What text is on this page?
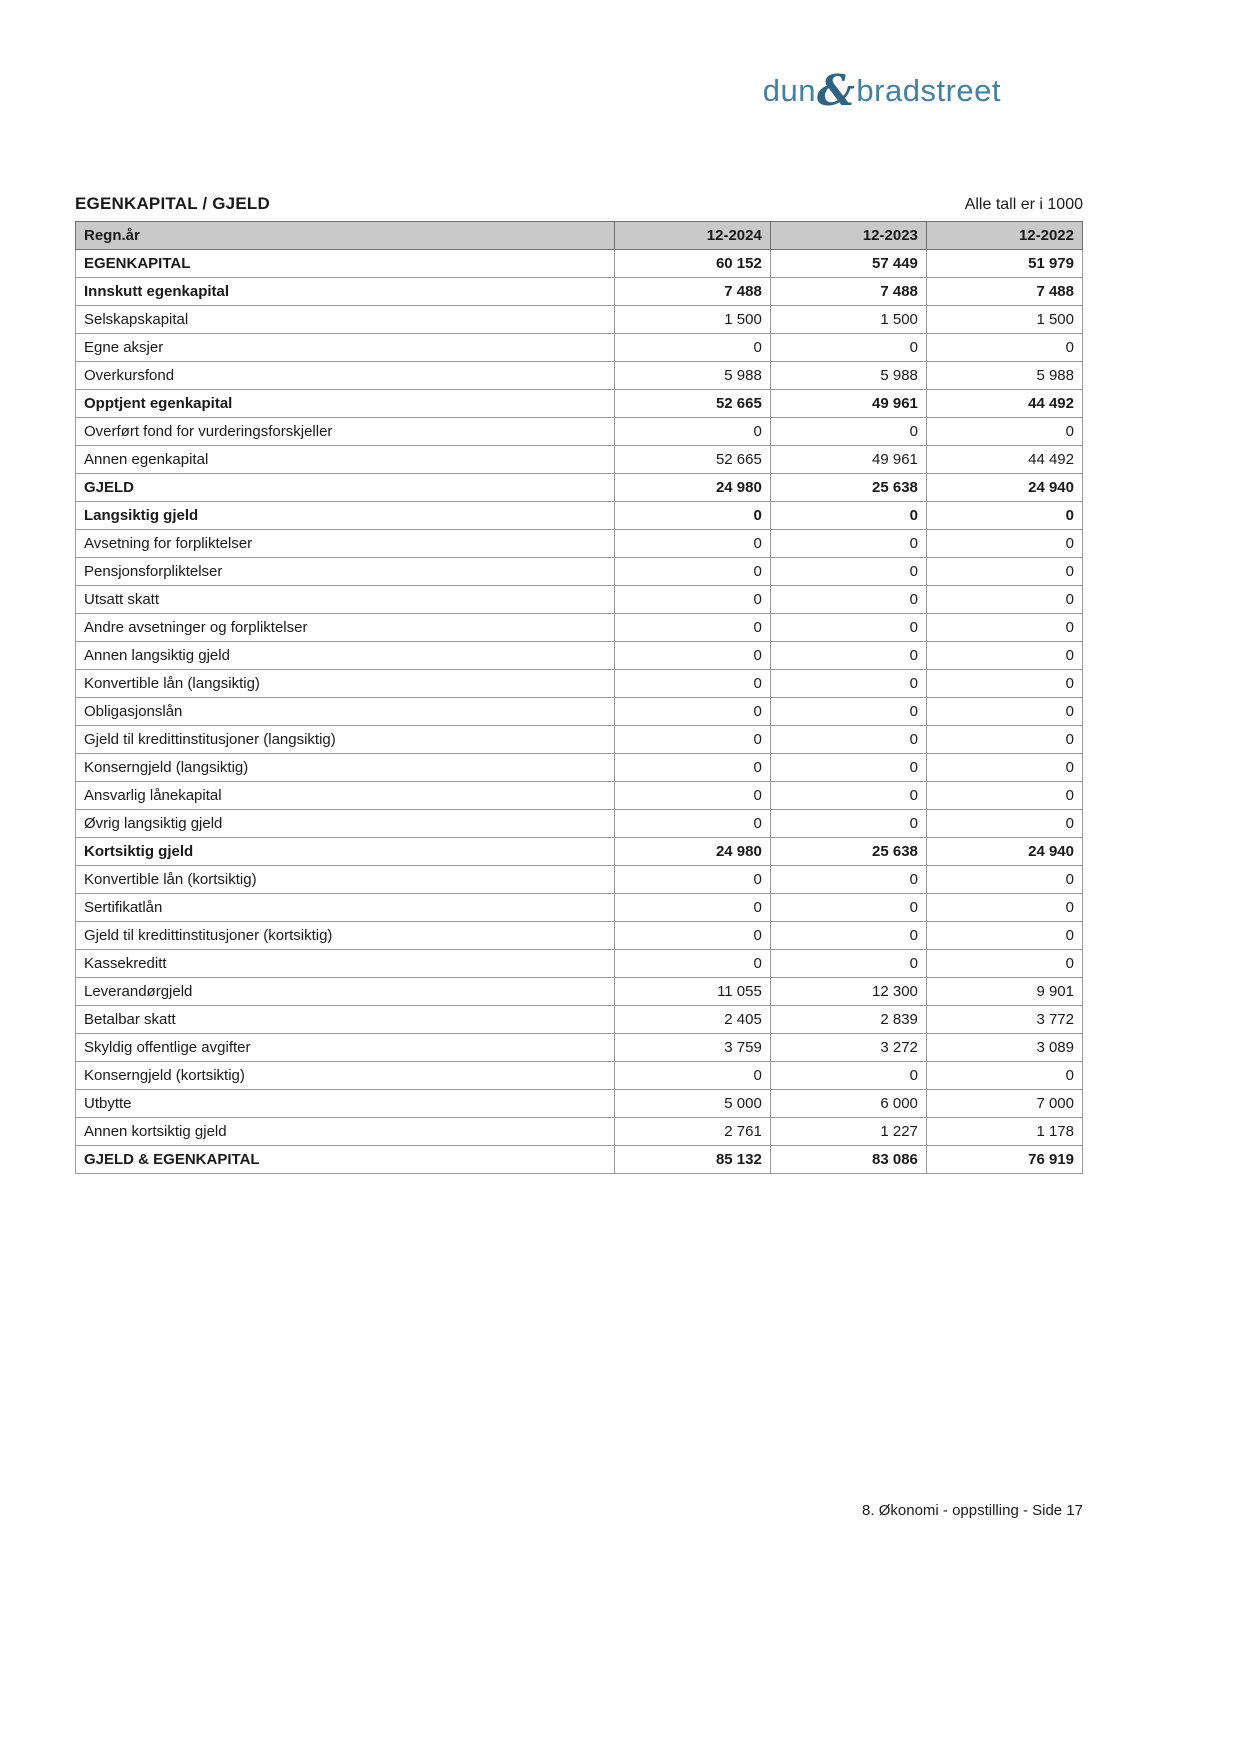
dun & bradstreet
EGENKAPITAL / GJELD	Alle tall er i 1000
Regn.år	12-2024	12-2023	12-2022
EGENKAPITAL	60 152	57 449	51 979
Innskutt egenkapital	7 488	7 488	7 488
Selskapskapital	1 500	1 500	1 500
Egne aksjer	0	0	0
Overkursfond	5 988	5 988	5 988
Opptjent egenkapital	52 665	49 961	44 492
Overført fond for vurderingsforskjeller	0	0	0
Annen egenkapital	52 665	49 961	44 492
GJELD	24 980	25 638	24 940
Langsiktig gjeld	0	0	0
Avsetning for forpliktelser	0	0	0
Pensjonsforpliktelser	0	0	0
Utsatt skatt	0	0	0
Andre avsetninger og forpliktelser	0	0	0
Annen langsiktig gjeld	0	0	0
Konvertible lån (langsiktig)	0	0	0
Obligasjonslån	0	0	0
Gjeld til kredittinstitusjoner (langsiktig)	0	0	0
Konserngjeld (langsiktig)	0	0	0
Ansvarlig lånekapital	0	0	0
Øvrig langsiktig gjeld	0	0	0
Kortsiktig gjeld	24 980	25 638	24 940
Konvertible lån (kortsiktig)	0	0	0
Sertifikatlån	0	0	0
Gjeld til kredittinstitusjoner (kortsiktig)	0	0	0
Kassekreditt	0	0	0
Leverandørgjeld	11 055	12 300	9 901
Betalbar skatt	2 405	2 839	3 772
Skyldig offentlige avgifter	3 759	3 272	3 089
Konserngjeld (kortsiktig)	0	0	0
Utbytte	5 000	6 000	7 000
Annen kortsiktig gjeld	2 761	1 227	1 178
GJELD & EGENKAPITAL	85 132	83 086	76 919
8. Økonomi - oppstilling - Side 17
